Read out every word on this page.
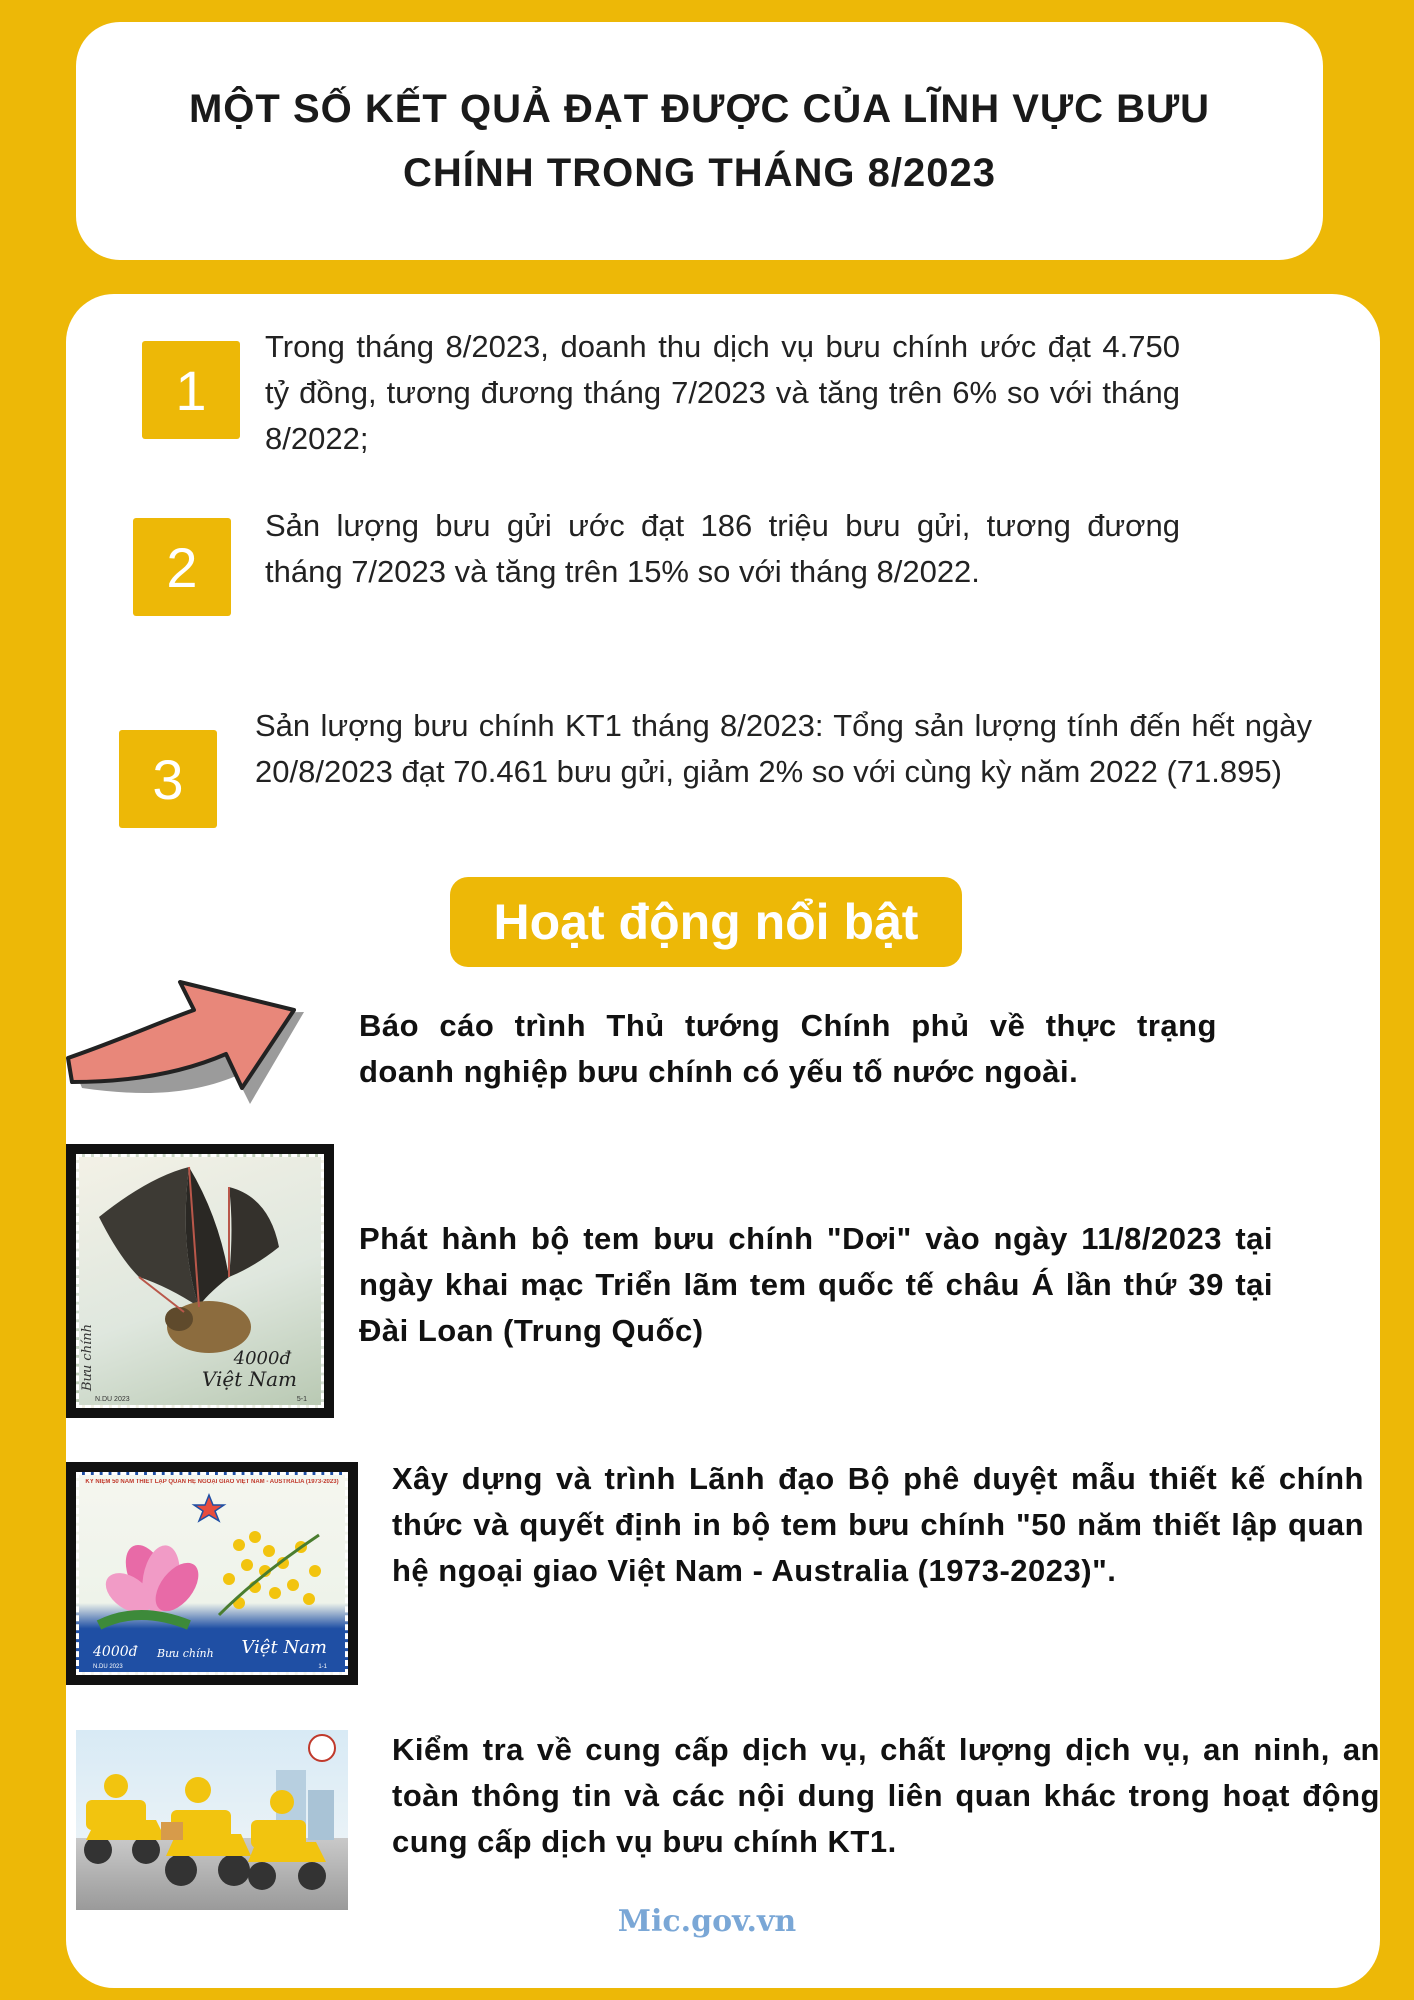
MỘT SỐ KẾT QUẢ ĐẠT ĐƯỢC CỦA LĨNH VỰC BƯU CHÍNH TRONG THÁNG 8/2023
1

Trong tháng 8/2023, doanh thu dịch vụ bưu chính ước đạt 4.750 tỷ đồng, tương đương tháng 7/2023 và tăng trên 6% so với tháng 8/2022;

2

Sản lượng bưu gửi ước đạt 186 triệu bưu gửi, tương đương tháng 7/2023 và tăng trên 15% so với tháng 8/2022.

3

Sản lượng bưu chính KT1 tháng 8/2023: Tổng sản lượng tính đến hết ngày 20/8/2023 đạt 70.461 bưu gửi, giảm 2% so với cùng kỳ năm 2022 (71.895)

Hoạt động nổi bật

Báo cáo trình Thủ tướng Chính phủ về thực trạng doanh nghiệp bưu chính có yếu tố nước ngoài.

Phát hành bộ tem bưu chính "Dơi" vào ngày 11/8/2023 tại ngày khai mạc Triển lãm tem quốc tế châu Á lần thứ 39 tại Đài Loan (Trung Quốc)

Xây dựng và trình Lãnh đạo Bộ phê duyệt mẫu thiết kế chính thức và quyết định in bộ tem bưu chính "50 năm thiết lập quan hệ ngoại giao Việt Nam - Australia (1973-2023)".

Kiểm tra về cung cấp dịch vụ, chất lượng dịch vụ, an ninh, an toàn thông tin và các nội dung liên quan khác trong hoạt động cung cấp dịch vụ bưu chính KT1.

Bưu chính	4000đ
Việt Nam
N.DU 2023	5-1
KỶ NIỆM 50 NĂM THIẾT LẬP QUAN HỆ NGOẠI GIAO VIỆT NAM - AUSTRALIA (1973-2023)
4000đ Bưu chính Việt Nam
N.DU 2023	1-1
Mic.gov.vn
